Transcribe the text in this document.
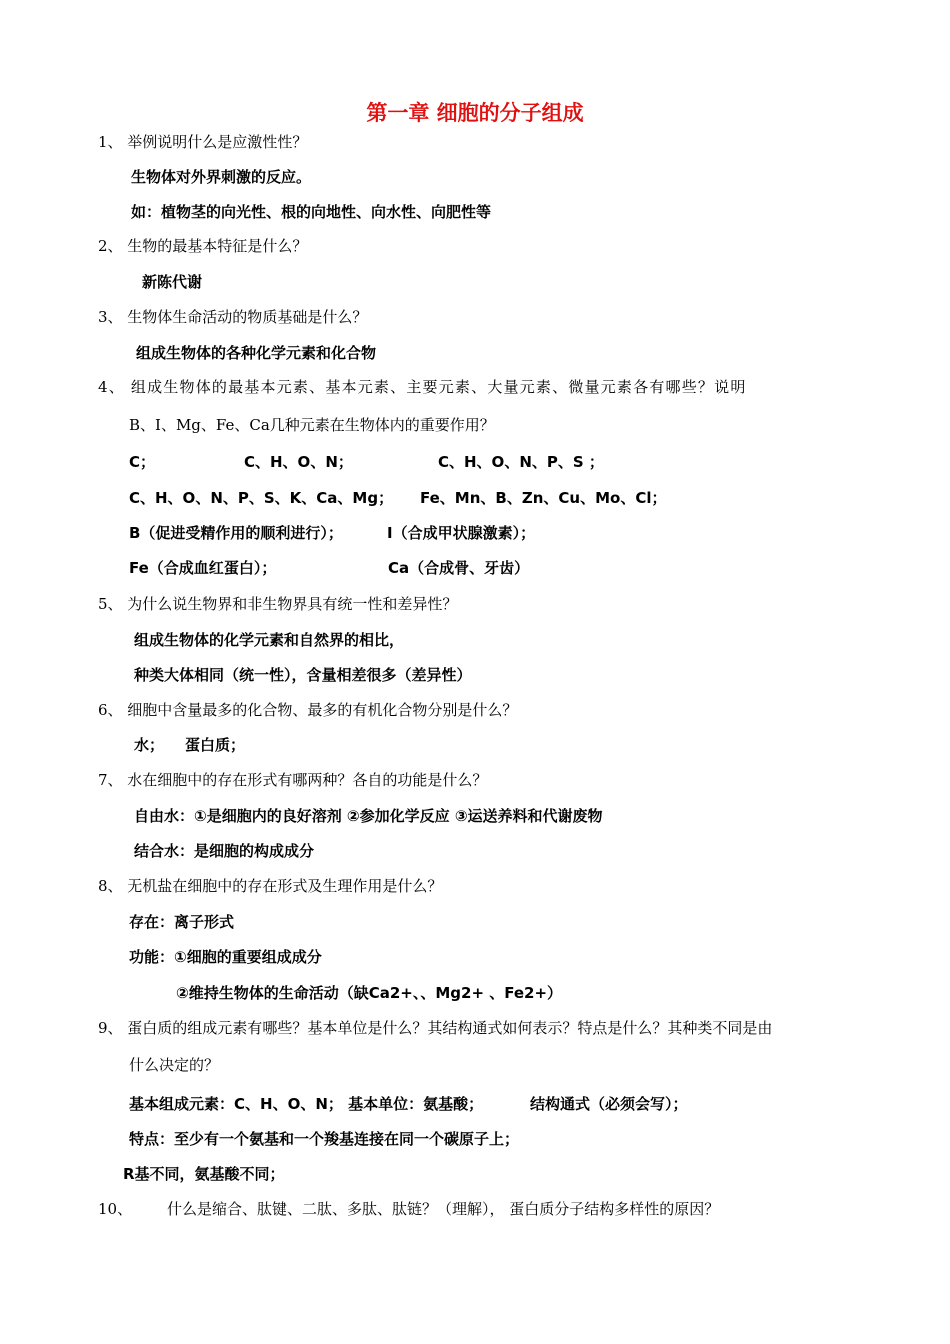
第一章 细胞的分子组成
1、 举例说明什么是应激性性？
生物体对外界刺激的反应。
如：植物茎的向光性、根的向地性、向水性、向肥性等
2、 生物的最基本特征是什么？
新陈代谢
3、 生物体生命活动的物质基础是什么？
组成生物体的各种化学元素和化合物
4、 组成生物体的最基本元素、基本元素、主要元素、大量元素、微量元素各有哪些？说明
B、I、Mg、Fe、Ca几种元素在生物体内的重要作用？
C；	C、H、O、N；	C、H、O、N、P、S ；
C、H、O、N、P、S、K、Ca、Mg； Fe、Mn、B、Zn、Cu、Mo、Cl；
B（促进受精作用的顺利进行）；	I（合成甲状腺激素）；
Fe（合成血红蛋白）；	Ca（合成骨、牙齿）
5、 为什么说生物界和非生物界具有统一性和差异性？
组成生物体的化学元素和自然界的相比，
种类大体相同（统一性），含量相差很多（差异性）
6、 细胞中含量最多的化合物、最多的有机化合物分别是什么？
水； 蛋白质；
7、 水在细胞中的存在形式有哪两种？各自的功能是什么？
自由水：①是细胞内的良好溶剂 ②参加化学反应 ③运送养料和代谢废物
结合水：是细胞的构成成分
8、 无机盐在细胞中的存在形式及生理作用是什么？
存在：离子形式
功能：①细胞的重要组成成分
②维持生物体的生命活动（缺Ca2+、、Mg2+ 、Fe2+）
9、 蛋白质的组成元素有哪些？基本单位是什么？其结构通式如何表示？特点是什么？其种类不同是由
什么决定的？
基本组成元素：C、H、O、N； 基本单位：氨基酸；	结构通式（必须会写）；
特点：至少有一个氨基和一个羧基连接在同一个碳原子上；
R基不同，氨基酸不同；
10、 什么是缩合、肽键、二肽、多肽、肽链？（理解）， 蛋白质分子结构多样性的原因？
